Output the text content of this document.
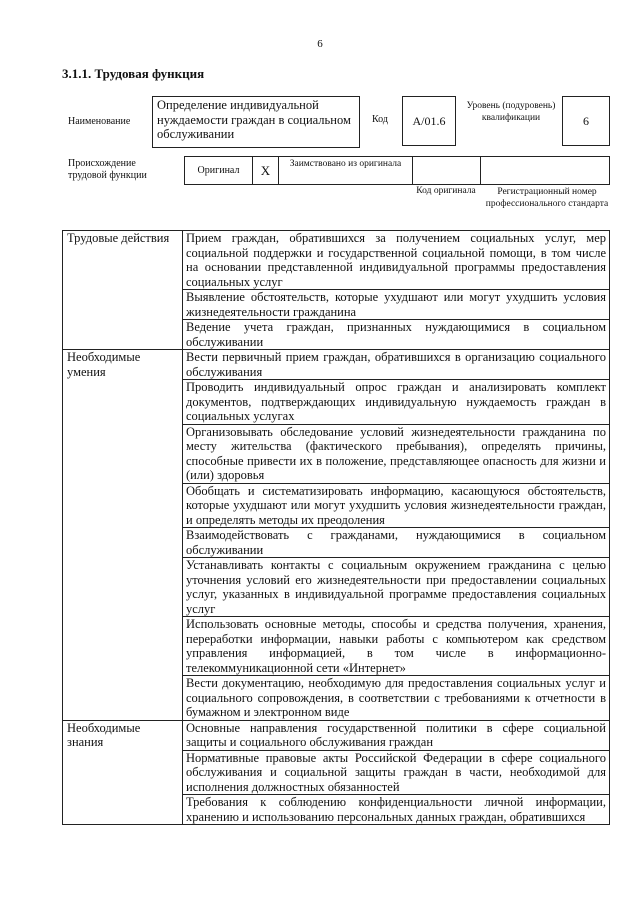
6
3.1.1. Трудовая функция
Наименование
Определение индивидуальной нуждаемости граждан в социальном обслуживании
Код	A/01.6
Уровень (подуровень) квалификации	6
Происхождение трудовой функции	Оригинал	X	Заимствовано из оригинала
Код оригинала	Регистрационный номер профессионального стандарта
Трудовые действия	Прием граждан, обратившихся за получением социальных услуг, мер социальной поддержки и государственной социальной помощи, в том числе на основании представленной индивидуальной программы предоставления социальных услуг
	Выявление обстоятельств, которые ухудшают или могут ухудшить условия жизнедеятельности гражданина
	Ведение учета граждан, признанных нуждающимися в социальном обслуживании
Необходимые умения	Вести первичный прием граждан, обратившихся в организацию социального обслуживания
	Проводить индивидуальный опрос граждан и анализировать комплект документов, подтверждающих индивидуальную нуждаемость граждан в социальных услугах
	Организовывать обследование условий жизнедеятельности гражданина по месту жительства (фактического пребывания), определять причины, способные привести их в положение, представляющее опасность для жизни и (или) здоровья
	Обобщать и систематизировать информацию, касающуюся обстоятельств, которые ухудшают или могут ухудшить условия жизнедеятельности граждан, и определять методы их преодоления
	Взаимодействовать с гражданами, нуждающимися в социальном обслуживании
	Устанавливать контакты с социальным окружением гражданина с целью уточнения условий его жизнедеятельности при предоставлении социальных услуг, указанных в индивидуальной программе предоставления социальных услуг
	Использовать основные методы, способы и средства получения, хранения, переработки информации, навыки работы с компьютером как средством управления информацией, в том числе в информационно-телекоммуникационной сети «Интернет»
	Вести документацию, необходимую для предоставления социальных услуг и социального сопровождения, в соответствии с требованиями к отчетности в бумажном и электронном виде
Необходимые знания	Основные направления государственной политики в сфере социальной защиты и социального обслуживания граждан
	Нормативные правовые акты Российской Федерации в сфере социального обслуживания и социальной защиты граждан в части, необходимой для исполнения должностных обязанностей
	Требования к соблюдению конфиденциальности личной информации, хранению и использованию персональных данных граждан, обратившихся
